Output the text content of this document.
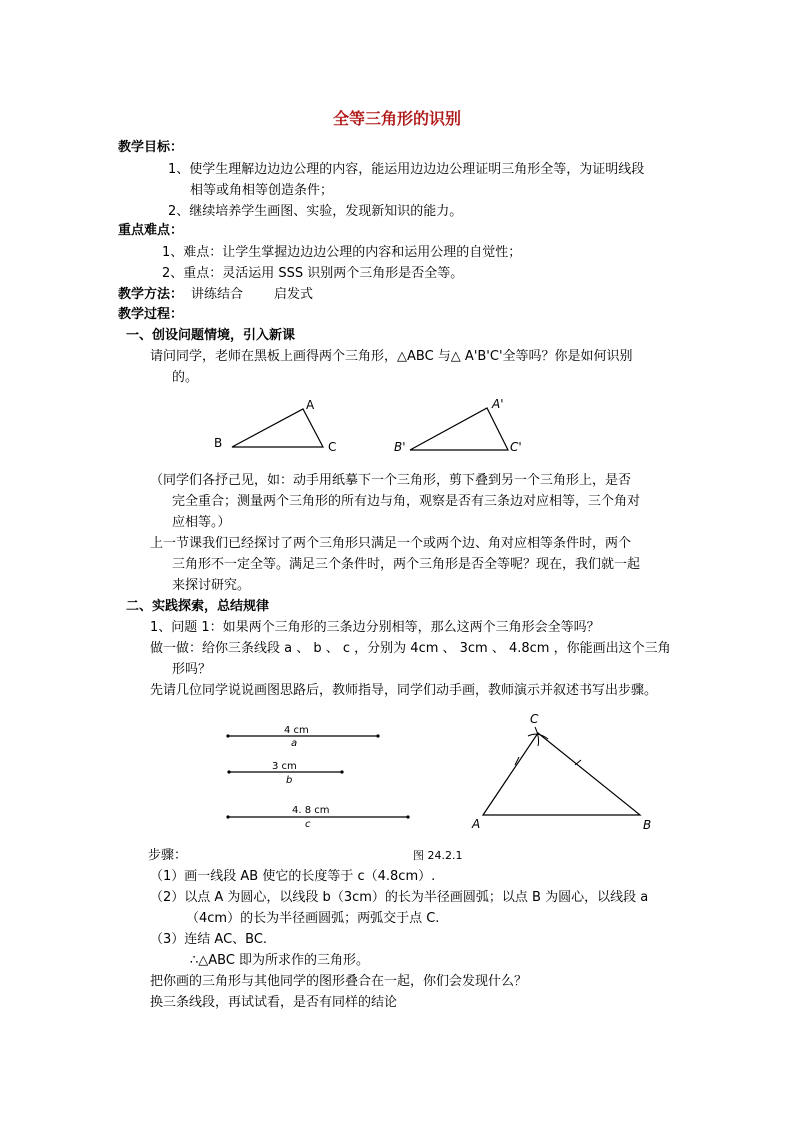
全等三角形的识别
教学目标：
1、使学生理解边边边公理的内容，能运用边边边公理证明三角形全等，为证明线段
相等或角相等创造条件；
2、继续培养学生画图、实验，发现新知识的能力。
重点难点：
1、难点：让学生掌握边边边公理的内容和运用公理的自觉性；
2、重点：灵活运用 SSS 识别两个三角形是否全等。
教学方法： 讲练结合 启发式
教学过程：
一、创设问题情境，引入新课
请问同学，老师在黑板上画得两个三角形，△ABC 与△ A'B'C'全等吗？你是如何识别
的。
A
B	C
A'
B'	C'
（同学们各抒己见，如：动手用纸摹下一个三角形，剪下叠到另一个三角形上，是否
完全重合；测量两个三角形的所有边与角，观察是否有三条边对应相等，三个角对
应相等。）
上一节课我们已经探讨了两个三角形只满足一个或两个边、角对应相等条件时，两个
三角形不一定全等。满足三个条件时，两个三角形是否全等呢？现在，我们就一起
来探讨研究。
二、实践探索，总结规律
1、问题 1：如果两个三角形的三条边分别相等，那么这两个三角形会全等吗？
做一做：给你三条线段 a 、 b 、 c ，分别为 4cm 、 3cm 、 4.8cm ，你能画出这个三角
形吗？
先请几位同学说说画图思路后，教师指导，同学们动手画，教师演示并叙述书写出步骤。
4 cm
a
3 cm
b
4. 8 cm
c
C
A	B
步骤：	图 24.2.1
（1）画一线段 AB 使它的长度等于 c（4.8cm）.
（2）以点 A 为圆心，以线段 b（3cm）的长为半径画圆弧；以点 B 为圆心，以线段 a
（4cm）的长为半径画圆弧；两弧交于点 C.
（3）连结 AC、BC.
∴△ABC 即为所求作的三角形。
把你画的三角形与其他同学的图形叠合在一起，你们会发现什么？
换三条线段，再试试看，是否有同样的结论
